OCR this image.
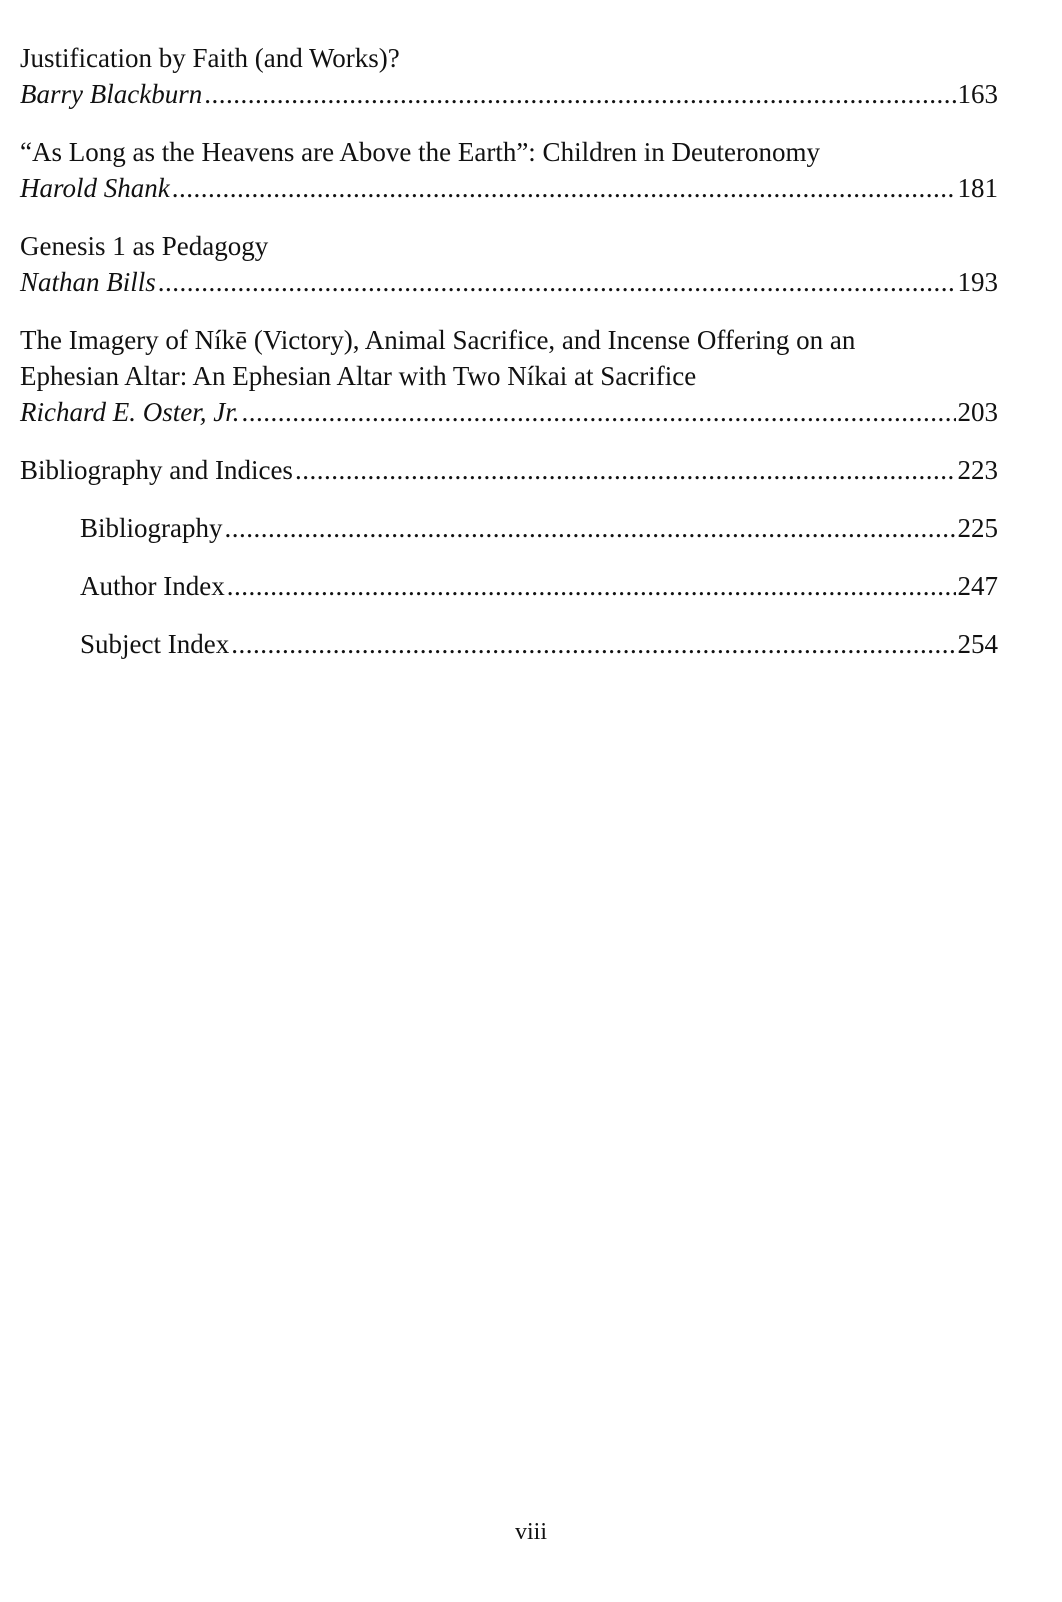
Justification by Faith (and Works)?
Barry Blackburn .....	163
“As Long as the Heavens are Above the Earth”: Children in Deuteronomy
Harold Shank .....	181
Genesis 1 as Pedagogy
Nathan Bills .....	193
The Imagery of Níkē (Victory), Animal Sacrifice, and Incense Offering on an
Ephesian Altar: An Ephesian Altar with Two Níkai at Sacrifice
Richard E. Oster, Jr. .....	203
Bibliography and Indices .....	223
Bibliography .....	225
Author Index .....	247
Subject Index .....	254
viii
